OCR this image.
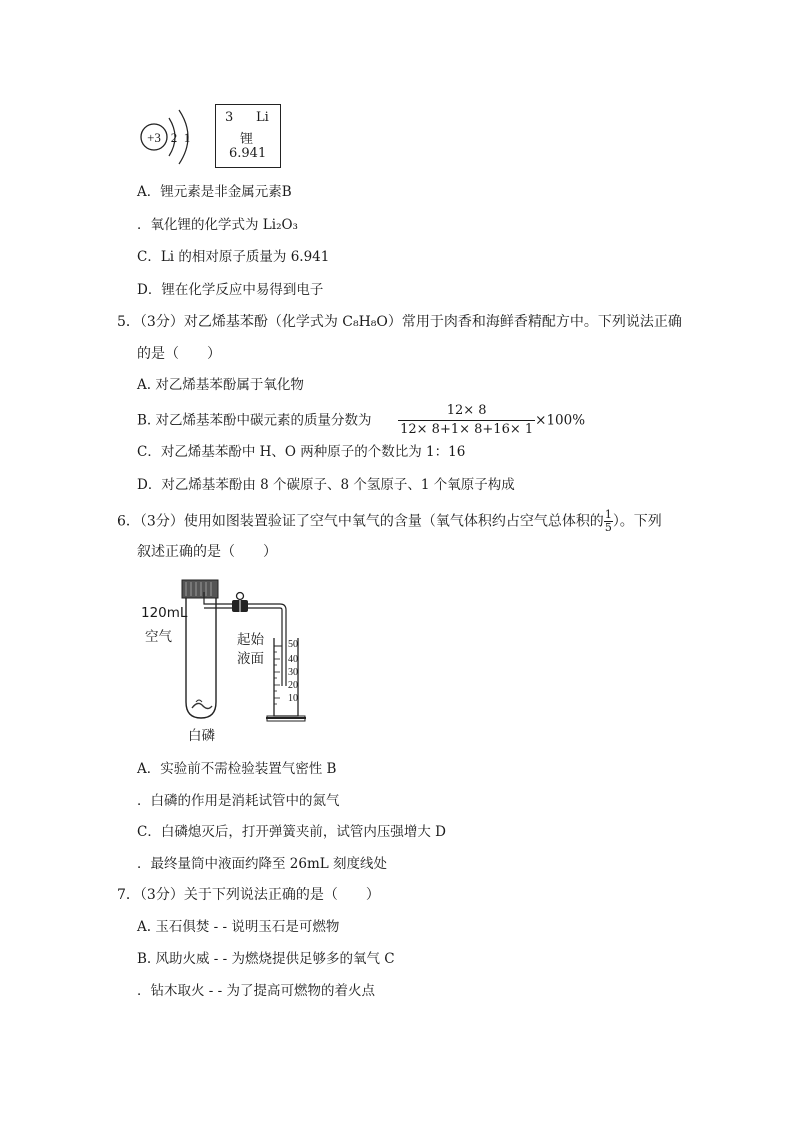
+3 2 1
3 Li
锂
6.941
A．锂元素是非金属元素B
．氧化锂的化学式为 Li₂O₃
C．Li 的相对原子质量为 6.941
D．锂在化学反应中易得到电子
5．（3分）对乙烯基苯酚（化学式为 C₈H₈O）常用于肉香和海鲜香精配方中。下列说法正确
的是（　　）
A. 对乙烯基苯酚属于氧化物
B. 对乙烯基苯酚中碳元素的质量分数为 $\frac{12\times 8}{12\times 8+1\times 8+16\times 1} \times 100\%$
C．对乙烯基苯酚中 H、O 两种原子的个数比为 1：16
D．对乙烯基苯酚由 8 个碳原子、8 个氢原子、1 个氧原子构成
6．（3分）使用如图装置验证了空气中氧气的含量（氧气体积约占空气总体积的 $\frac{1}{5}$ ）。下列
叙述正确的是（　　）
50
40
30
20
10
120mL
空气	起始
液面
白磷
A．实验前不需检验装置气密性 B
．白磷的作用是消耗试管中的氮气
C．白磷熄灭后，打开弹簧夹前，试管内压强增大 D
．最终量筒中液面约降至 26mL 刻度线处
7．（3分）关于下列说法正确的是（　　）
A. 玉石俱焚 - - 说明玉石是可燃物
B. 风助火威 - - 为燃烧提供足够多的氧气 C
．钻木取火 - - 为了提高可燃物的着火点
